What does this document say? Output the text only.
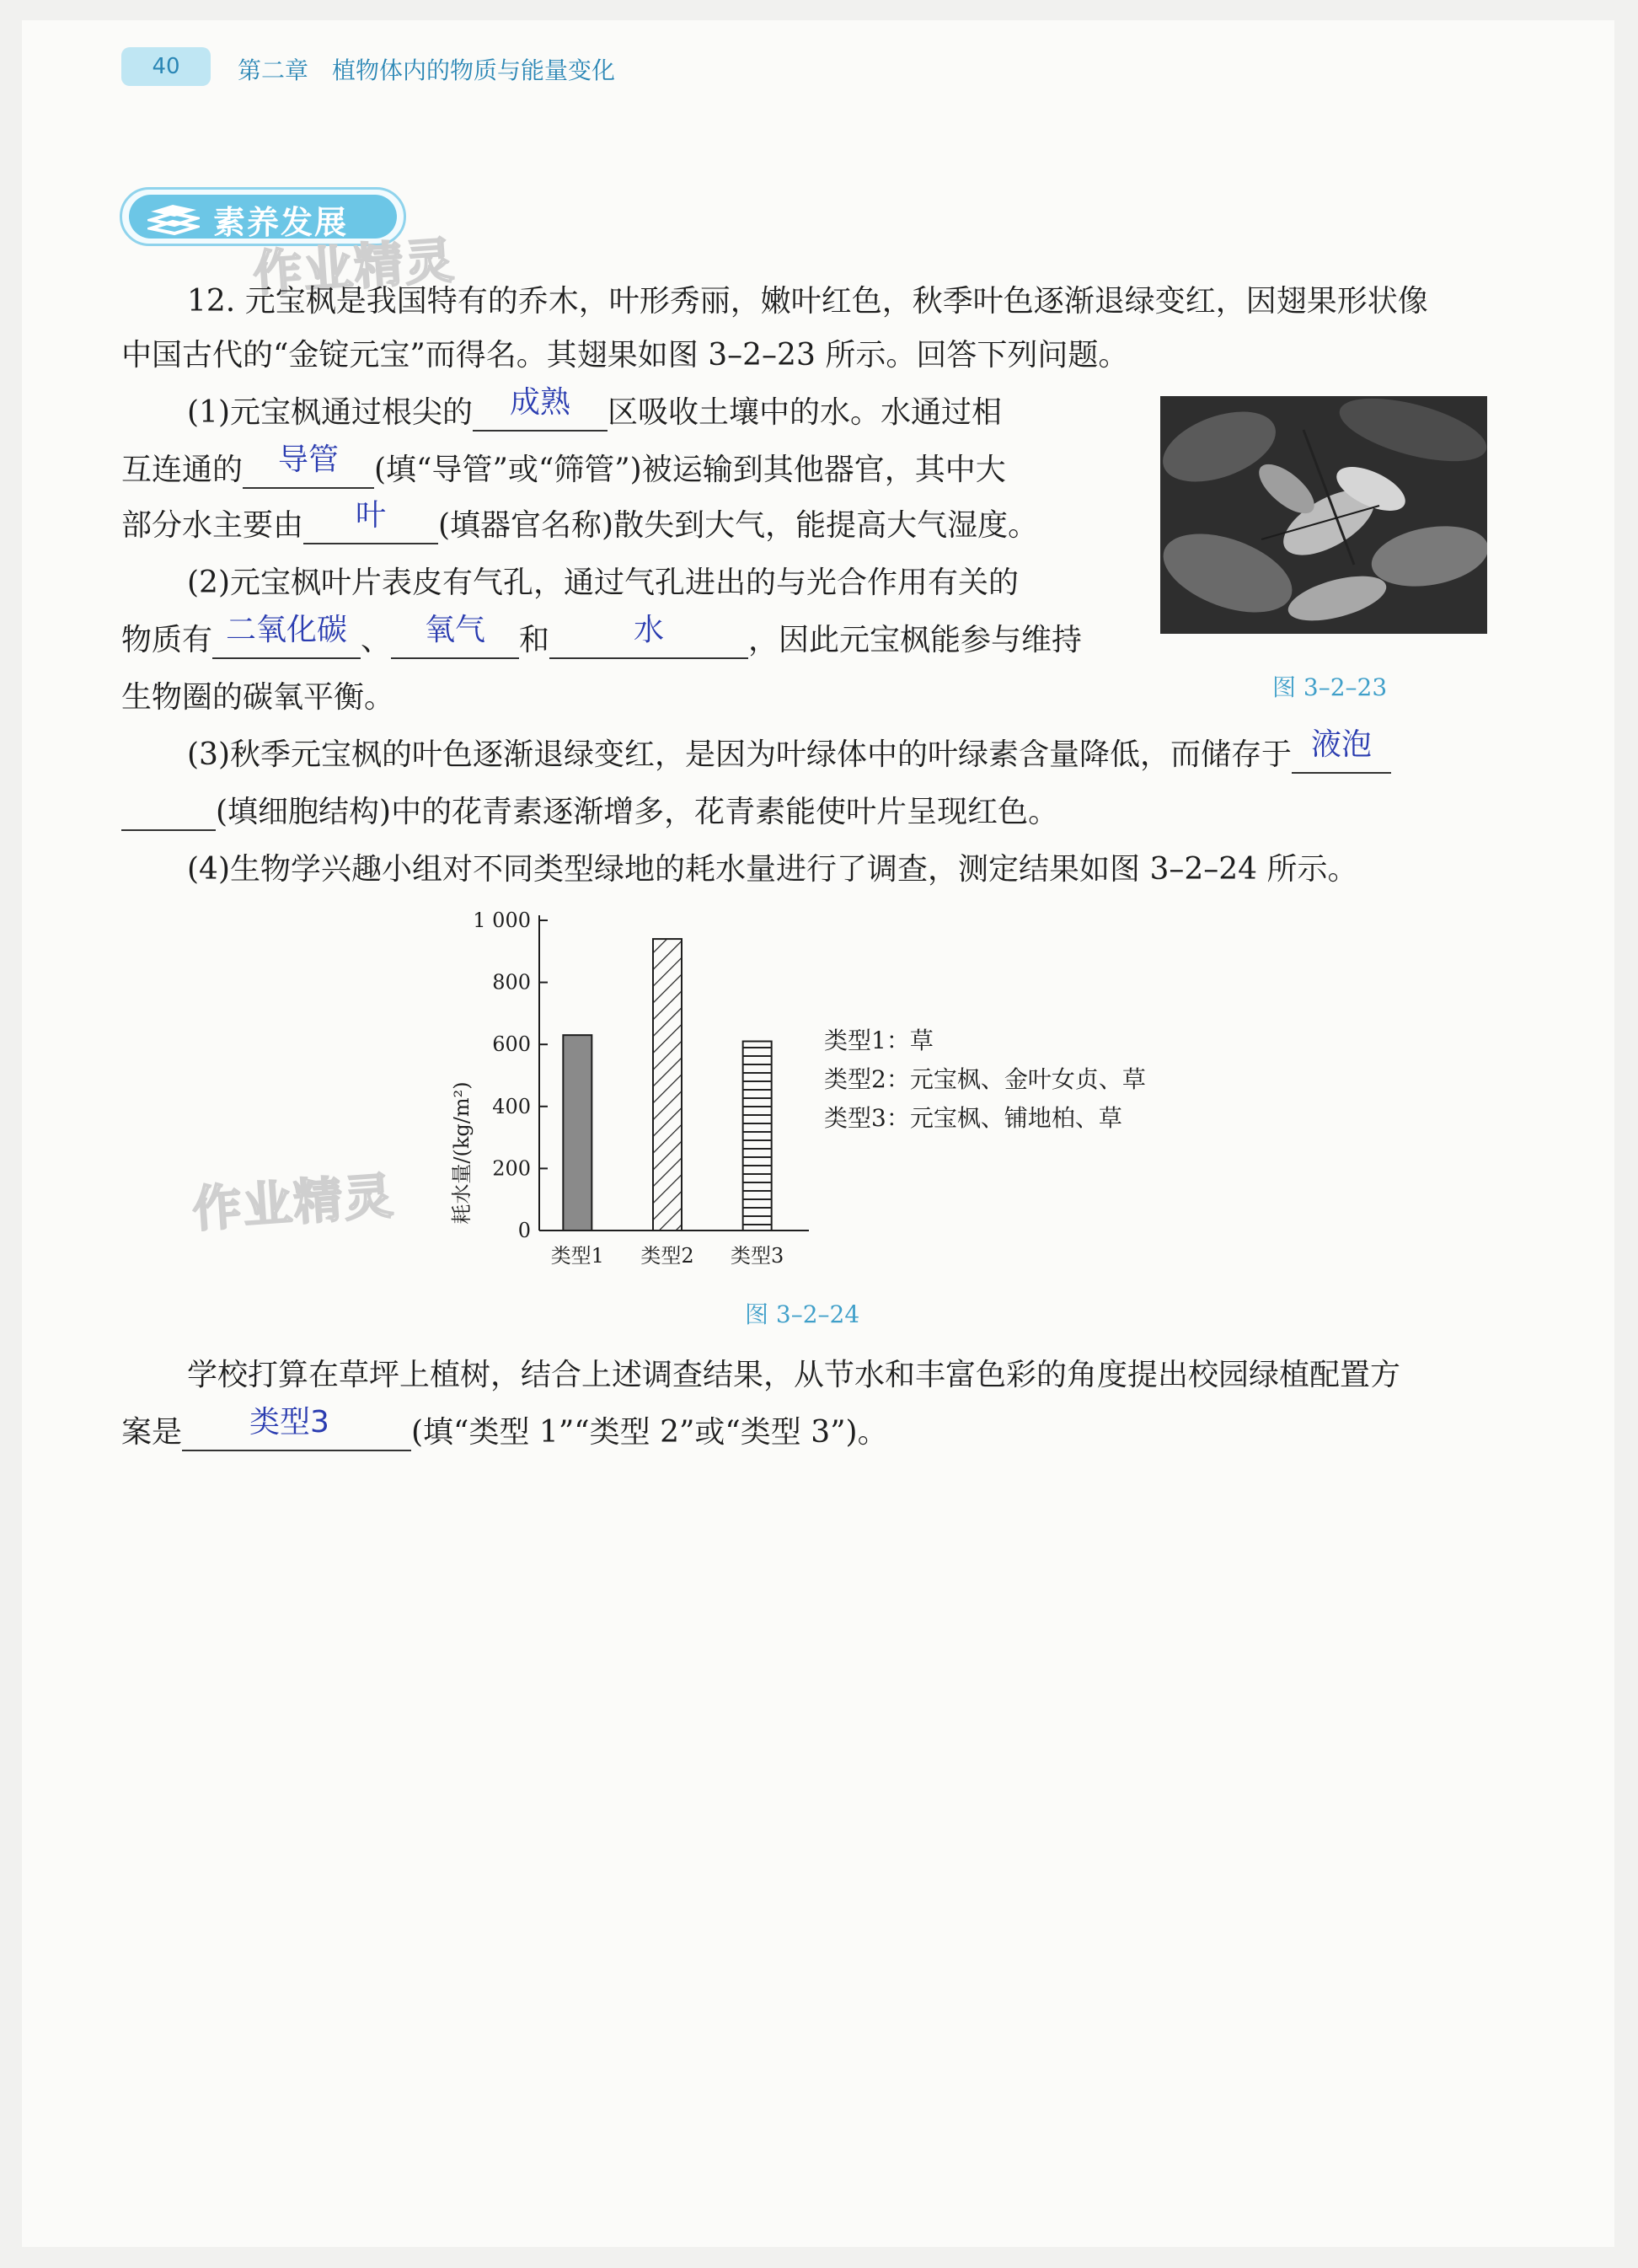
40	第二章　植物体内的物质与能量变化
素养发展
作业精灵
作业精灵
12. 元宝枫是我国特有的乔木，叶形秀丽，嫩叶红色，秋季叶色逐渐退绿变红，因翅果形状像
中国古代的“金锭元宝”而得名。其翅果如图 3–2–23 所示。回答下列问题。
(1)元宝枫通过根尖的	成熟	区吸收土壤中的水。水通过相
互连通的	导管	(填“导管”或“筛管”)被运输到其他器官，其中大
部分水主要由	叶	(填器官名称)散失到大气，能提高大气湿度。
(2)元宝枫叶片表皮有气孔，通过气孔进出的与光合作用有关的
物质有 二氧化碳 、	氧气	和	水	，因此元宝枫能参与维持
生物圈的碳氧平衡。	图 3–2–23
(3)秋季元宝枫的叶色逐渐退绿变红，是因为叶绿体中的叶绿素含量降低，而储存于 液泡
(填细胞结构)中的花青素逐渐增多，花青素能使叶片呈现红色。
(4)生物学兴趣小组对不同类型绿地的耗水量进行了调查，测定结果如图 3–2–24 所示。
0
200
400
600
800
1 000
类型1 类型2 类型3
耗水量/(kg/m²)
类型1：草
类型2：元宝枫、金叶女贞、草
类型3：元宝枫、铺地柏、草
图 3–2–24
学校打算在草坪上植树，结合上述调查结果，从节水和丰富色彩的角度提出校园绿植配置方
案是	类型3	(填“类型 1”“类型 2”或“类型 3”)。
